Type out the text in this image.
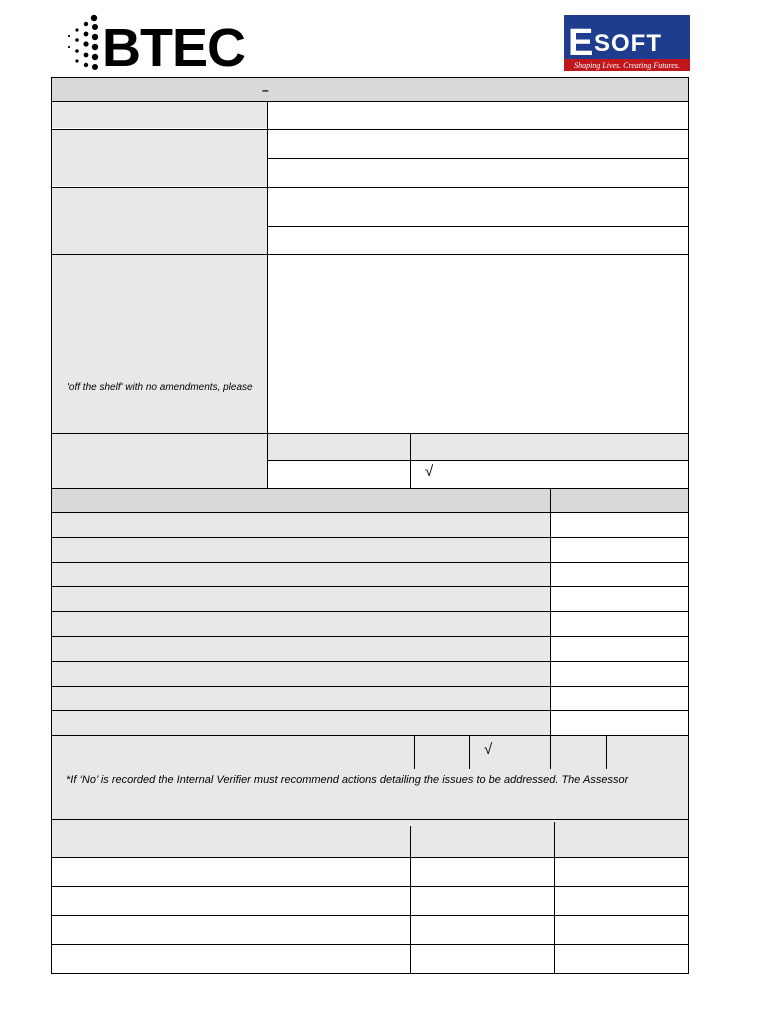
BTEC	E SOFT
Shaping Lives. Creating Futures.
–
'off the shelf' with no amendments, please
√
√
*If ‘No’ is recorded the Internal Verifier must recommend actions detailing the issues to be addressed. The Assessor
